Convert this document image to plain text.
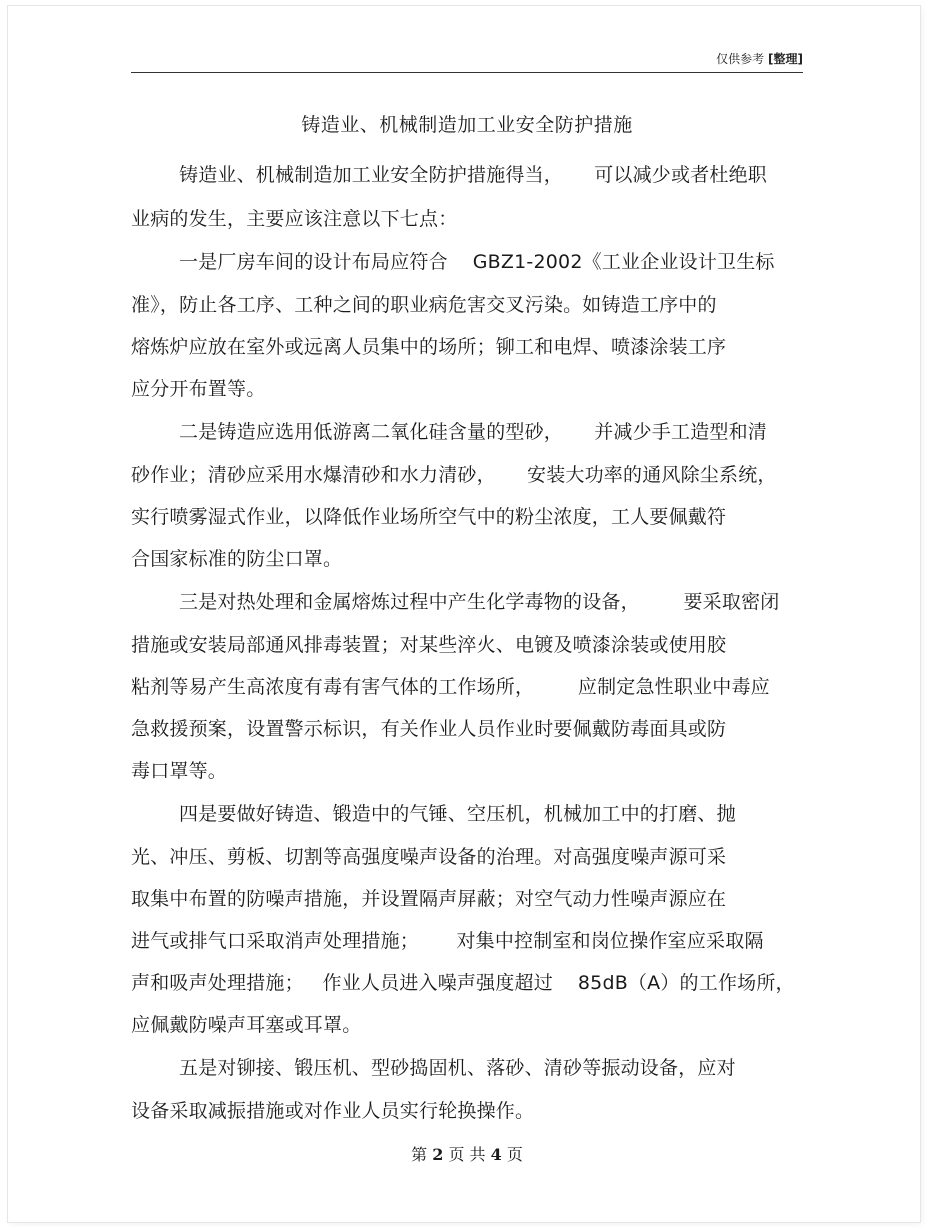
仅供参考 [整理]
铸造业、机械制造加工业安全防护措施
铸造业、机械制造加工业安全防护措施得当，     可以减少或者杜绝职
业病的发生，主要应该注意以下七点：
一是厂房车间的设计布局应符合    GBZ1-2002《工业企业设计卫生标
准》，防止各工序、工种之间的职业病危害交叉污染。如铸造工序中的
熔炼炉应放在室外或远离人员集中的场所；铆工和电焊、喷漆涂装工序
应分开布置等。
二是铸造应选用低游离二氧化硅含量的型砂，     并减少手工造型和清
砂作业；清砂应采用水爆清砂和水力清砂，     安装大功率的通风除尘系统，
实行喷雾湿式作业，以降低作业场所空气中的粉尘浓度，工人要佩戴符
合国家标准的防尘口罩。
三是对热处理和金属熔炼过程中产生化学毒物的设备，       要采取密闭
措施或安装局部通风排毒装置；对某些淬火、电镀及喷漆涂装或使用胶
粘剂等易产生高浓度有毒有害气体的工作场所，       应制定急性职业中毒应
急救援预案，设置警示标识，有关作业人员作业时要佩戴防毒面具或防
毒口罩等。
四是要做好铸造、锻造中的气锤、空压机，机械加工中的打磨、抛
光、冲压、剪板、切割等高强度噪声设备的治理。对高强度噪声源可采
取集中布置的防噪声措施，并设置隔声屏蔽；对空气动力性噪声源应在
进气或排气口采取消声处理措施；      对集中控制室和岗位操作室应采取隔
声和吸声处理措施；   作业人员进入噪声强度超过    85dB（A）的工作场所，
应佩戴防噪声耳塞或耳罩。
五是对铆接、锻压机、型砂捣固机、落砂、清砂等振动设备，应对
设备采取减振措施或对作业人员实行轮换操作。
第 2 页 共 4 页
